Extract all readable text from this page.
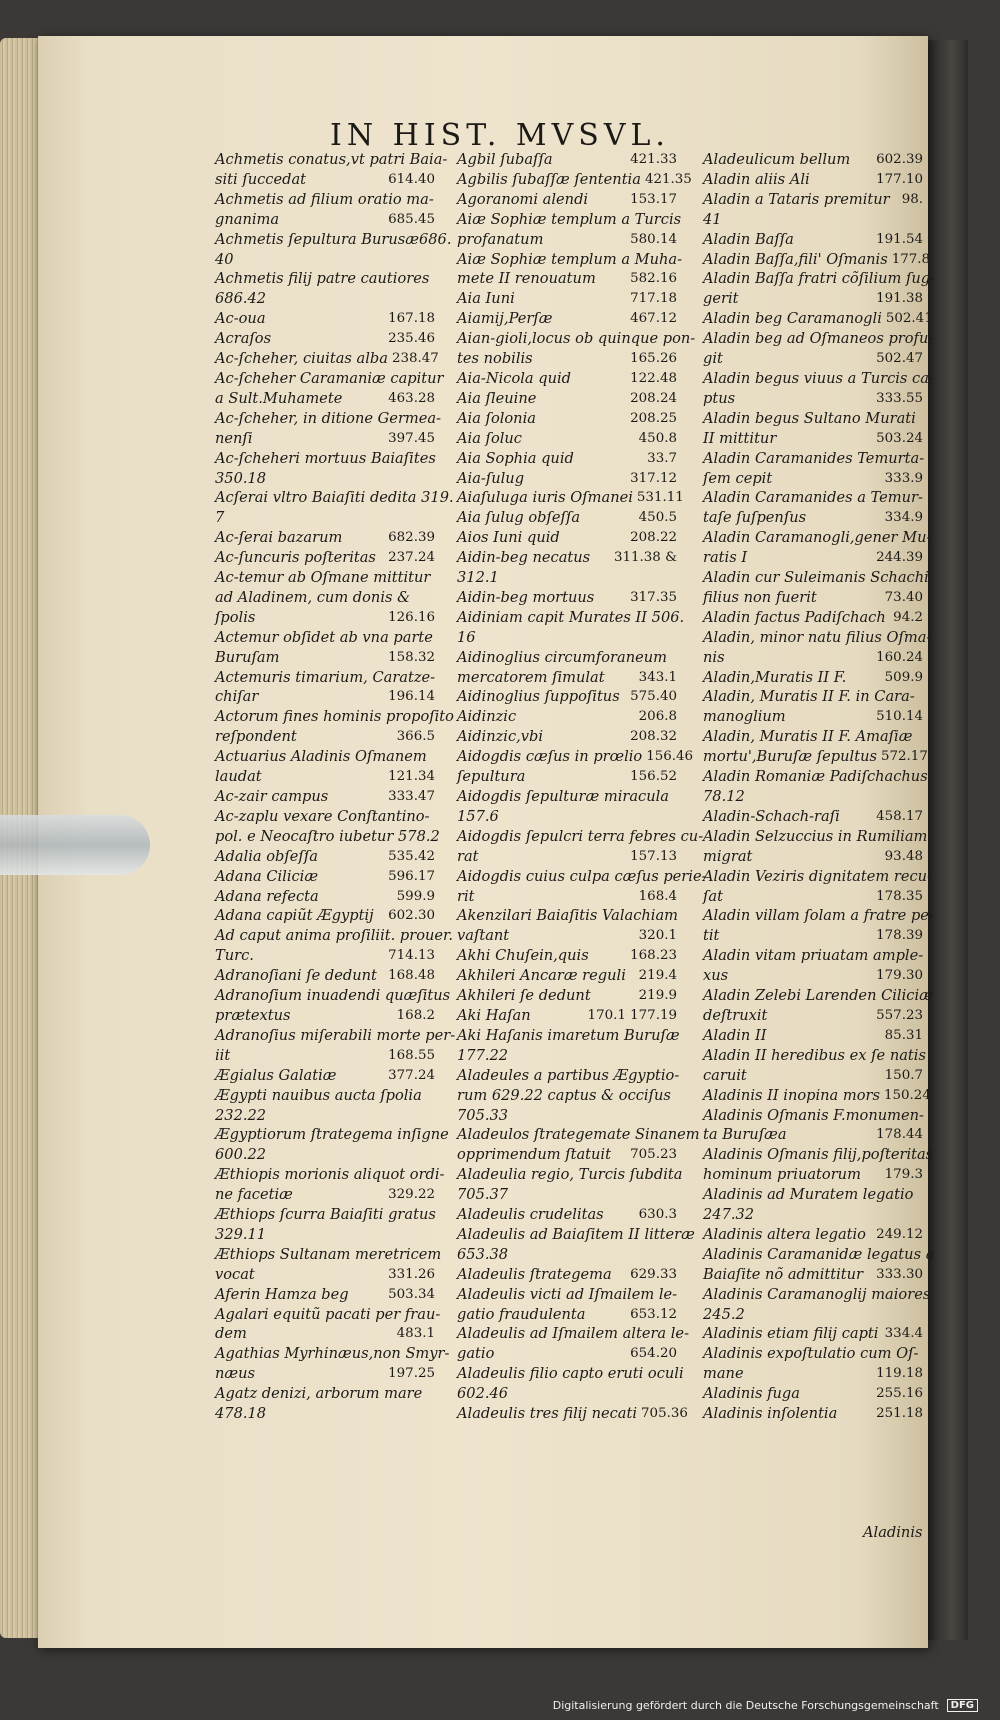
IN HIST. MVSVL.
Achmetis conatus,vt patri Baia-
siti ſuccedat	614.40
Achmetis ad filium oratio ma-
gnanima	685.45
Achmetis ſepultura Burusæ686.
40
Achmetis filij patre cautiores
686.42
Ac-oua	167.18
Acraſos	235.46
Ac-ſcheher, ciuitas alba 238.47
Ac-ſcheher Caramaniæ capitur
a Sult.Muhamete	463.28
Ac-ſcheher, in ditione Germea-
nenſi	397.45
Ac-ſcheheri mortuus Baiaſites
350.18
Acſerai vltro Baiaſiti dedita 319.
7
Ac-ſerai bazarum	682.39
Ac-ſuncuris poſteritas 237.24
Ac-temur ab Oſmane mittitur
ad Aladinem, cum donis &
ſpolis	126.16
Actemur obſidet ab vna parte
Buruſam	158.32
Actemuris timarium, Caratze-
chiſar	196.14
Actorum fines hominis propoſito
reſpondent	366.5
Actuarius Aladinis Oſmanem
laudat	121.34
Ac-zair campus	333.47
Ac-zaplu vexare Conſtantino-
pol. e Neocaſtro iubetur 578.2
Adalia obſeſſa	535.42
Adana Ciliciæ	596.17
Adana refecta	599.9
Adana capiũt Ægyptij 602.30
Ad caput anima proſiliit. prouer.
Turc.	714.13
Adranoſiani ſe dedunt 168.48
Adranoſium inuadendi quæſitus
prætextus	168.2
Adranoſius miſerabili morte per-
iit	168.55
Ægialus Galatiæ	377.24
Ægypti nauibus aucta ſpolia
232.22
Ægyptiorum ſtrategema inſigne
600.22
Æthiopis morionis aliquot ordi-
ne facetiæ	329.22
Æthiops ſcurra Baiaſiti gratus
329.11
Æthiops Sultanam meretricem
vocat	331.26
Aferin Hamza beg	503.34
Agalari equitũ pacati per frau-
dem	483.1
Agathias Myrhinæus,non Smyr-
næus	197.25
Agatz denizi, arborum mare
478.18
Agbil ſubaſſa	421.33
Agbilis ſubaſſæ ſententia 421.35
Agoranomi alendi	153.17
Aiæ Sophiæ templum a Turcis
profanatum	580.14
Aiæ Sophiæ templum a Muha-
mete II renouatum	582.16
Aia Iuni	717.18
Aiamij,Perſæ	467.12
Aian-gioli,locus ob quinque pon-
tes nobilis	165.26
Aia-Nicola quid	122.48
Aia ſleuine	208.24
Aia ſolonia	208.25
Aia ſoluc	450.8
Aia Sophia quid	33.7
Aia-ſulug	317.12
Aiaſuluga iuris Oſmanei 531.11
Aia ſulug obſeſſa	450.5
Aios Iuni quid	208.22
Aidin-beg necatus 311.38 &
312.1
Aidin-beg mortuus	317.35
Aidiniam capit Murates II 506.
16
Aidinoglius circumforaneum
mercatorem ſimulat	343.1
Aidinoglius ſuppoſitus 575.40
Aidinzic	206.8
Aidinzic,vbi	208.32
Aidogdis cæſus in prœlio 156.46
ſepultura	156.52
Aidogdis ſepulturæ miracula
157.6
Aidogdis ſepulcri terra febres cu-
rat	157.13
Aidogdis cuius culpa cæſus perie-
rit	168.4
Akenzilari Baiaſitis Valachiam
vaſtant	320.1
Akhi Chuſein,quis	168.23
Akhileri Ancaræ reguli 219.4
Akhileri ſe dedunt	219.9
Aki Haſan	170.1 177.19
Aki Haſanis imaretum Buruſæ
177.22
Aladeules a partibus Ægyptio-
rum 629.22 captus & occiſus
705.33
Aladeulos ſtrategemate Sinanem
opprimendum ſtatuit 705.23
Aladeulia regio, Turcis ſubdita
705.37
Aladeulis crudelitas	630.3
Aladeulis ad Baiaſitem II litteræ
653.38
Aladeulis ſtrategema 629.33
Aladeulis victi ad Iſmailem le-
gatio fraudulenta	653.12
Aladeulis ad Iſmailem altera le-
gatio	654.20
Aladeulis filio capto eruti oculi
602.46
Aladeulis tres filij necati 705.36
Aladeulicum bellum 602.39
Aladin aliis Ali	177.10
Aladin a Tataris premitur 98.
41
Aladin Baſſa	191.54
Aladin Baſſa,fili' Oſmanis 177.8
Aladin Baſſa fratri cõſilium ſug-
gerit	191.38
Aladin beg Caramanogli 502.41
Aladin beg ad Oſmaneos profu-
git	502.47
Aladin begus viuus a Turcis ca-
ptus	333.55
Aladin begus Sultano Murati
II mittitur	503.24
Aladin Caramanides Temurta-
ſem cepit	333.9
Aladin Caramanides a Temur-
taſe ſuſpenſus	334.9
Aladin Caramanogli,gener Mu-
ratis I	244.39
Aladin cur Suleimanis Schachi
filius non fuerit	73.40
Aladin factus Padiſchach 94.2
Aladin, minor natu filius Oſma-
nis	160.24
Aladin,Muratis II F.	509.9
Aladin, Muratis II F. in Cara-
manoglium	510.14
Aladin, Muratis II F. Amaſiæ
mortu',Buruſæ ſepultus 572.17
Aladin Romaniæ Padiſchachus
78.12
Aladin-Schach-raſi	458.17
Aladin Selzuccius in Rumiliam
migrat	93.48
Aladin Veziris dignitatem recu-
ſat	178.35
Aladin villam ſolam a fratre pe-
tit	178.39
Aladin vitam priuatam ample-
xus	179.30
Aladin Zelebi Larenden Ciliciæ
deſtruxit	557.23
Aladin II	85.31
Aladin II heredibus ex ſe natis
caruit	150.7
Aladinis II inopina mors 150.24
Aladinis Oſmanis F.monumen-
ta Buruſæa	178.44
Aladinis Oſmanis filij,poſteritas
hominum priuatorum 179.3
Aladinis ad Muratem legatio
247.32
Aladinis altera legatio 249.12
Aladinis Caramanidæ legatus a
Baiaſite nõ admittitur 333.30
Aladinis Caramanoglij maiores
245.2
Aladinis etiam filij capti 334.4
Aladinis expoſtulatio cum Oſ-
mane	119.18
Aladinis fuga	255.16
Aladinis inſolentia	251.18
Aladinis
Digitalisierung gefördert durch die Deutsche Forschungsgemeinschaft	DFG
